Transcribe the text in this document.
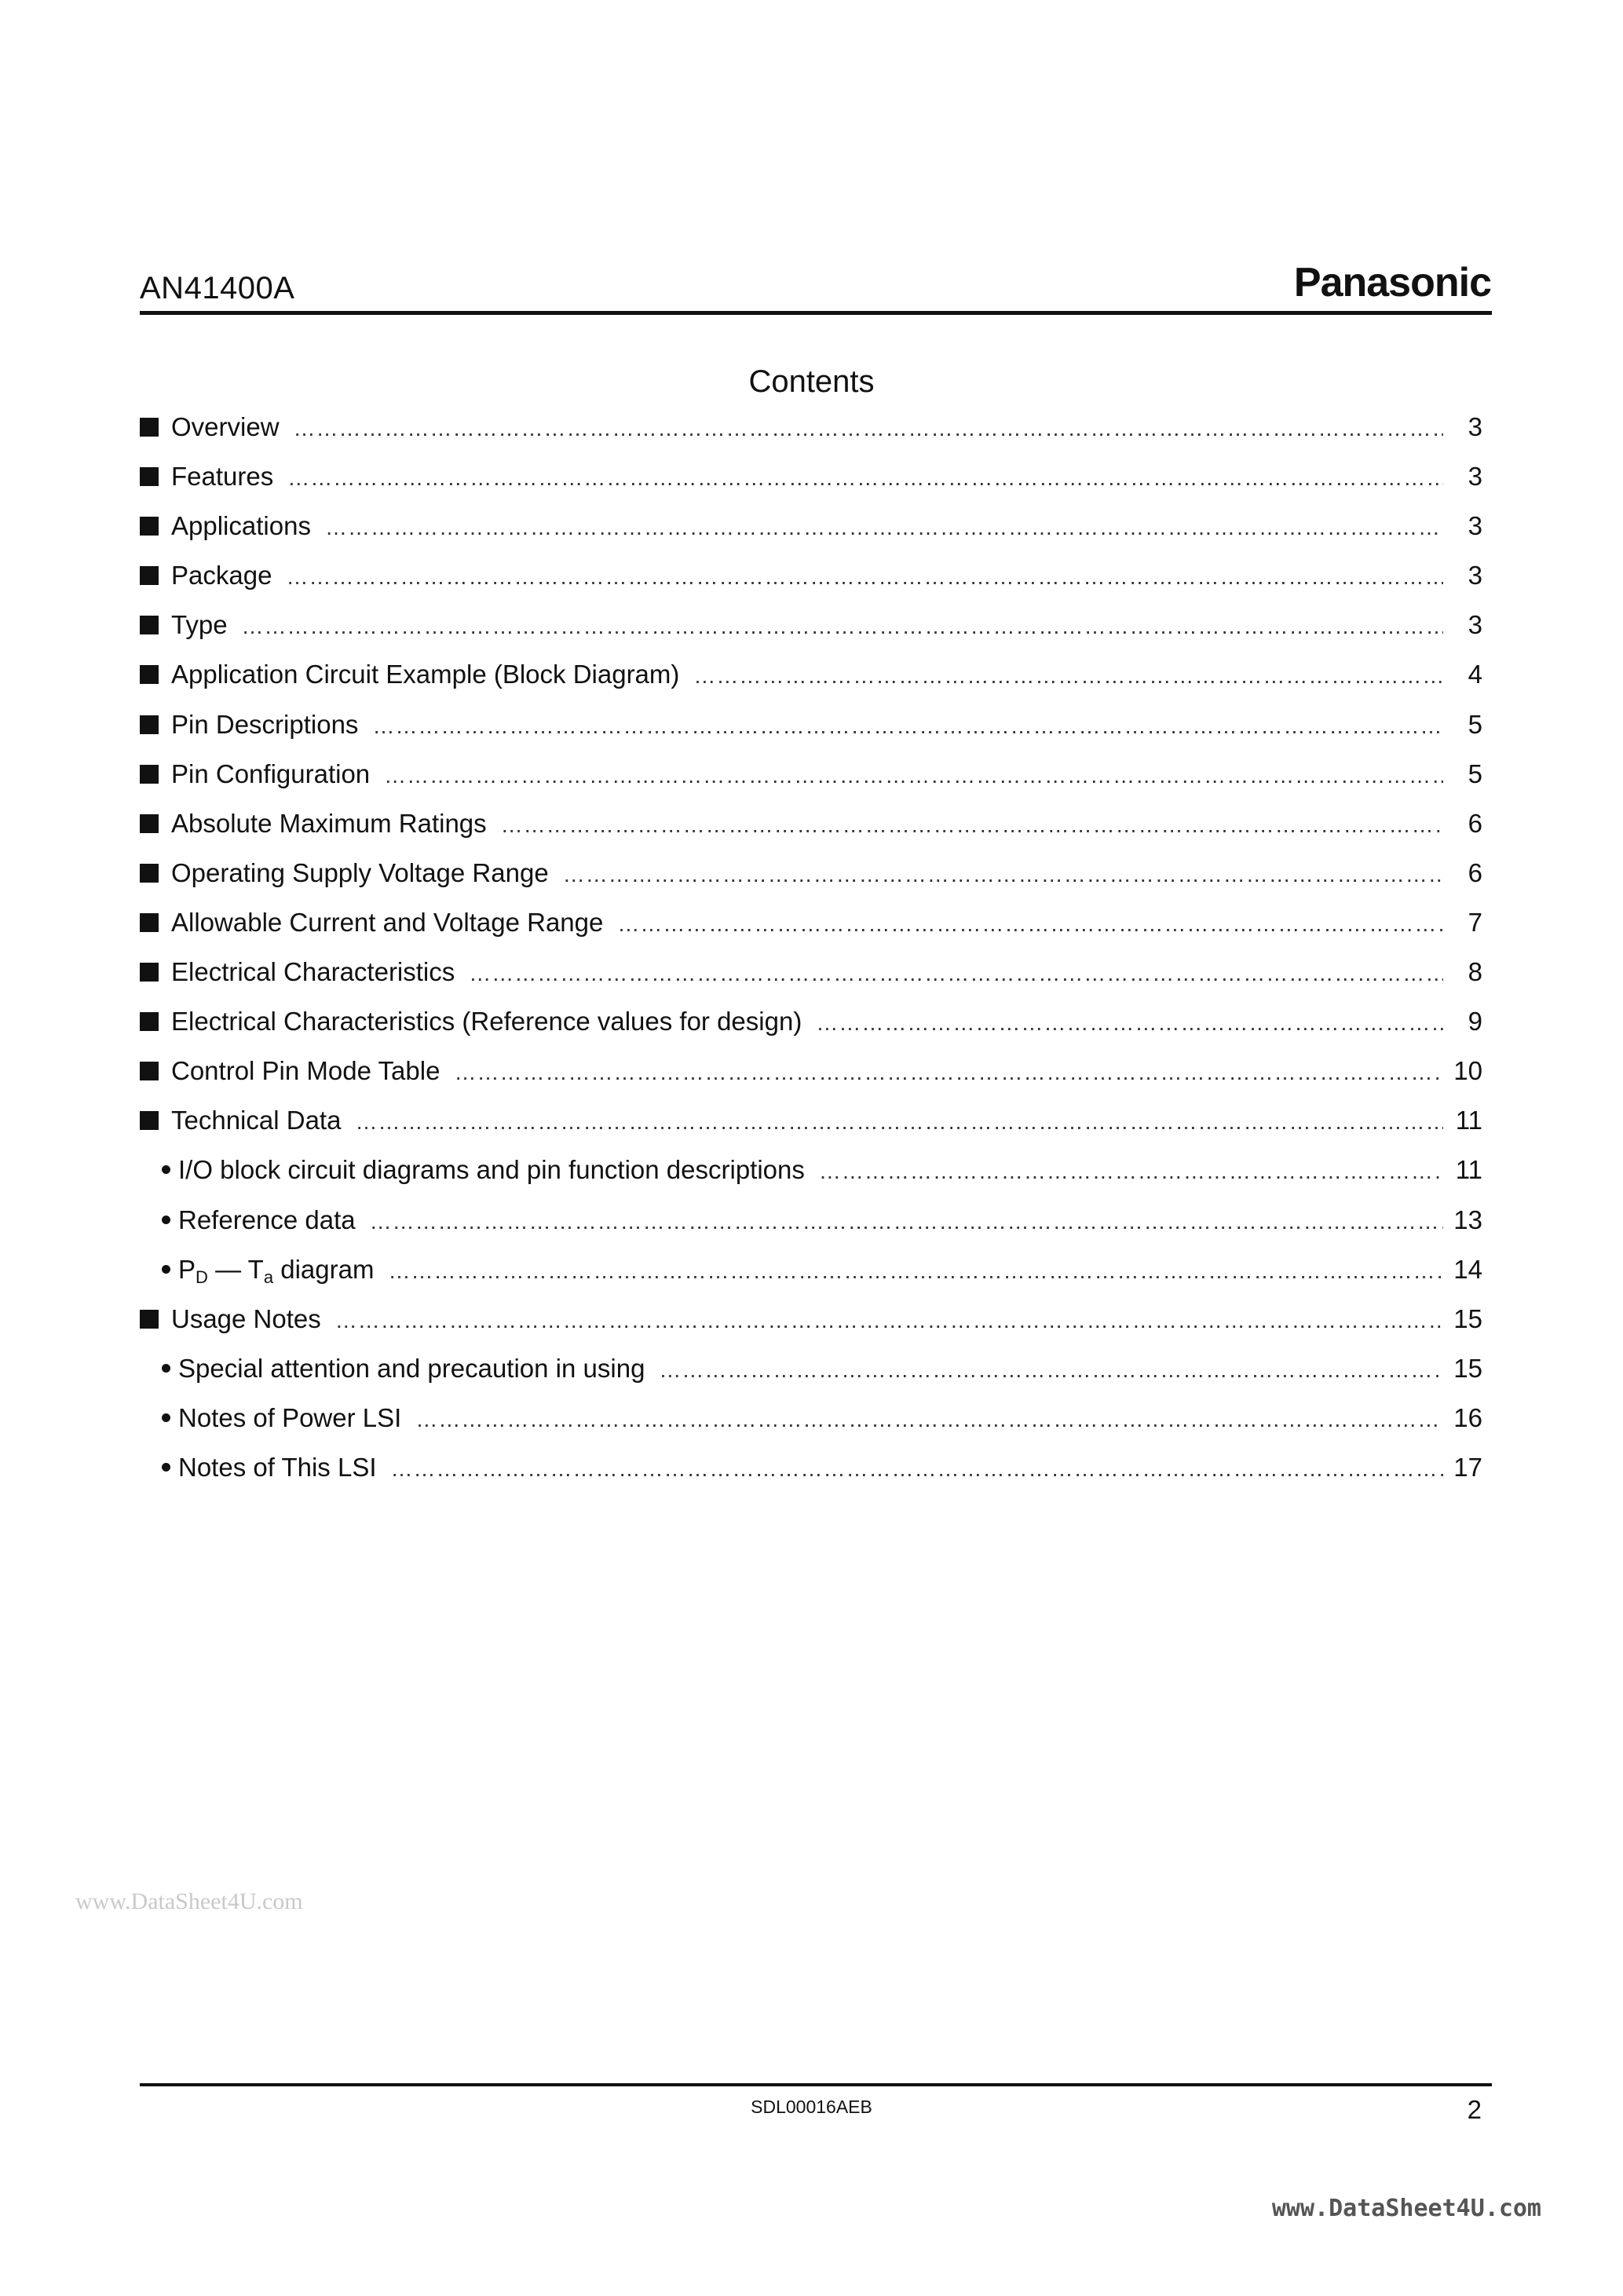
AN41400A	Panasonic
Contents
Overview ……………………………………………………………………………………………………………………………………………………………………………………………	3
Features ……………………………………………………………………………………………………………………………………………………………………………………………	3
Applications ……………………………………………………………………………………………………………………………………………………………………………………………	3
Package ……………………………………………………………………………………………………………………………………………………………………………………………	3
Type ……………………………………………………………………………………………………………………………………………………………………………………………	3
Application Circuit Example (Block Diagram) ……………………………………………………………………………………………………………………………………………………………………………………………	4
Pin Descriptions ……………………………………………………………………………………………………………………………………………………………………………………………	5
Pin Configuration ……………………………………………………………………………………………………………………………………………………………………………………………	5
Absolute Maximum Ratings ……………………………………………………………………………………………………………………………………………………………………………………………	6
Operating Supply Voltage Range ……………………………………………………………………………………………………………………………………………………………………………………………	6
Allowable Current and Voltage Range ……………………………………………………………………………………………………………………………………………………………………………………………	7
Electrical Characteristics ……………………………………………………………………………………………………………………………………………………………………………………………	8
Electrical Characteristics (Reference values for design) ……………………………………………………………………………………………………………………………………………………………………………………………	9
Control Pin Mode Table ……………………………………………………………………………………………………………………………………………………………………………………………	10
Technical Data ……………………………………………………………………………………………………………………………………………………………………………………………	11
I/O block circuit diagrams and pin function descriptions ……………………………………………………………………………………………………………………………………………………………………………………………	11
Reference data ……………………………………………………………………………………………………………………………………………………………………………………………	13
$P_D$ — $T_a$ diagram ……………………………………………………………………………………………………………………………………………………………………………………………	14
Usage Notes ……………………………………………………………………………………………………………………………………………………………………………………………	15
Special attention and precaution in using ……………………………………………………………………………………………………………………………………………………………………………………………	15
Notes of Power LSI ……………………………………………………………………………………………………………………………………………………………………………………………	16
Notes of This LSI ……………………………………………………………………………………………………………………………………………………………………………………………	17
www.DataSheet4U.com
SDL00016AEB	2
www.DataSheet4U.com
